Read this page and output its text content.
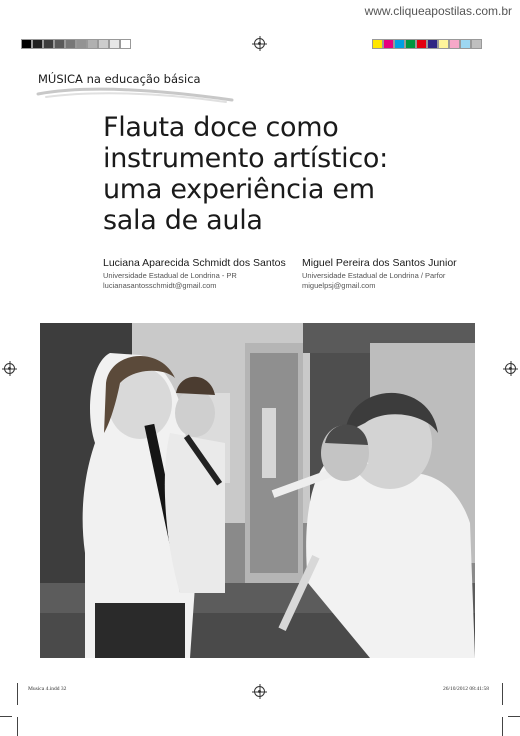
www.cliqueapostilas.com.br
MÚSICA na educação básica
Flauta doce como
instrumento artístico:
uma experiência em
sala de aula
Luciana Aparecida Schmidt dos Santos
Universidade Estadual de Londrina - PR
lucianasantosschmidt@gmail.com
Miguel Pereira dos Santos Junior
Universidade Estadual de Londrina / Parfor
miguelpsj@gmail.com
Musica 4.indd 32	26/10/2012 08:41:58
